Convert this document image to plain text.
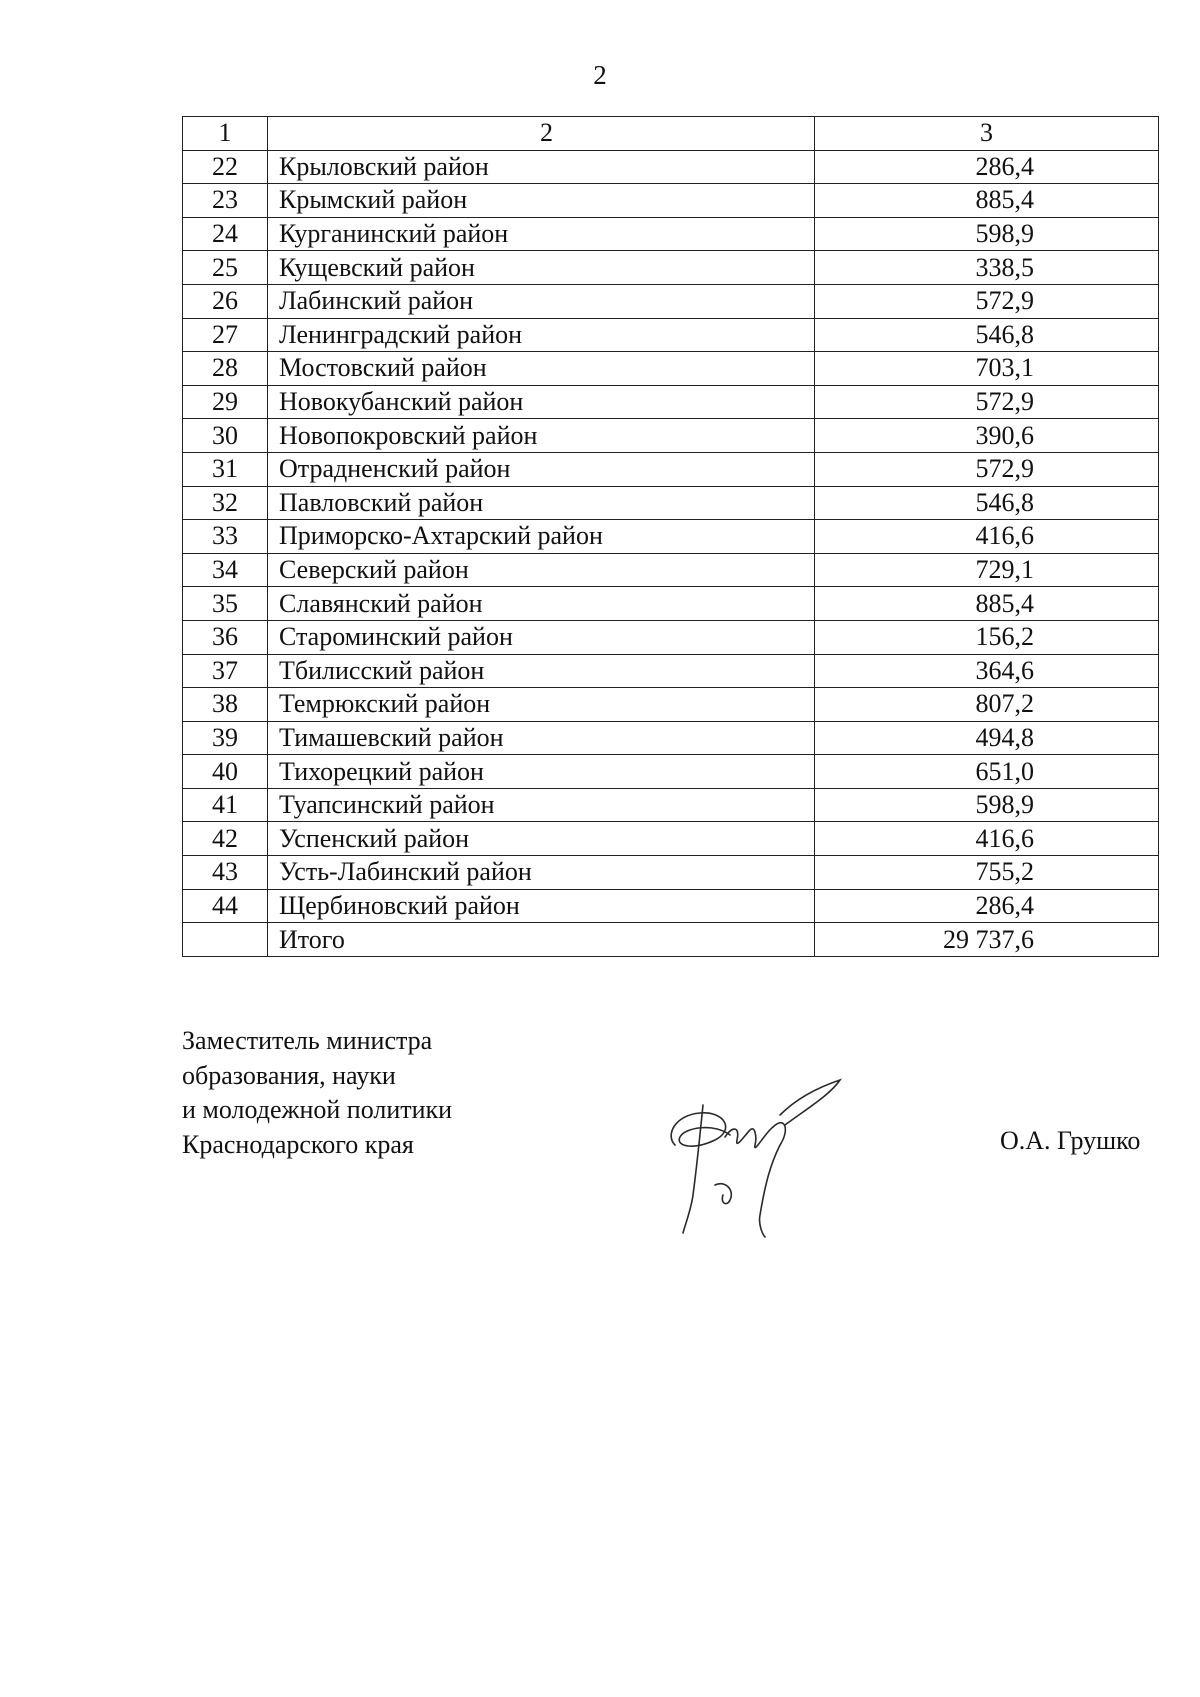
2
1	2	3
22	Крыловский район	286,4
23	Крымский район	885,4
24	Курганинский район	598,9
25	Кущевский район	338,5
26	Лабинский район	572,9
27	Ленинградский район	546,8
28	Мостовский район	703,1
29	Новокубанский район	572,9
30	Новопокровский район	390,6
31	Отрадненский район	572,9
32	Павловский район	546,8
33	Приморско-Ахтарский район	416,6
34	Северский район	729,1
35	Славянский район	885,4
36	Староминский район	156,2
37	Тбилисский район	364,6
38	Темрюкский район	807,2
39	Тимашевский район	494,8
40	Тихорецкий район	651,0
41	Туапсинский район	598,9
42	Успенский район	416,6
43	Усть-Лабинский район	755,2
44	Щербиновский район	286,4
	Итого	29 737,6
Заместитель министра
образования, науки
и молодежной политики
Краснодарского края	О.А. Грушко
